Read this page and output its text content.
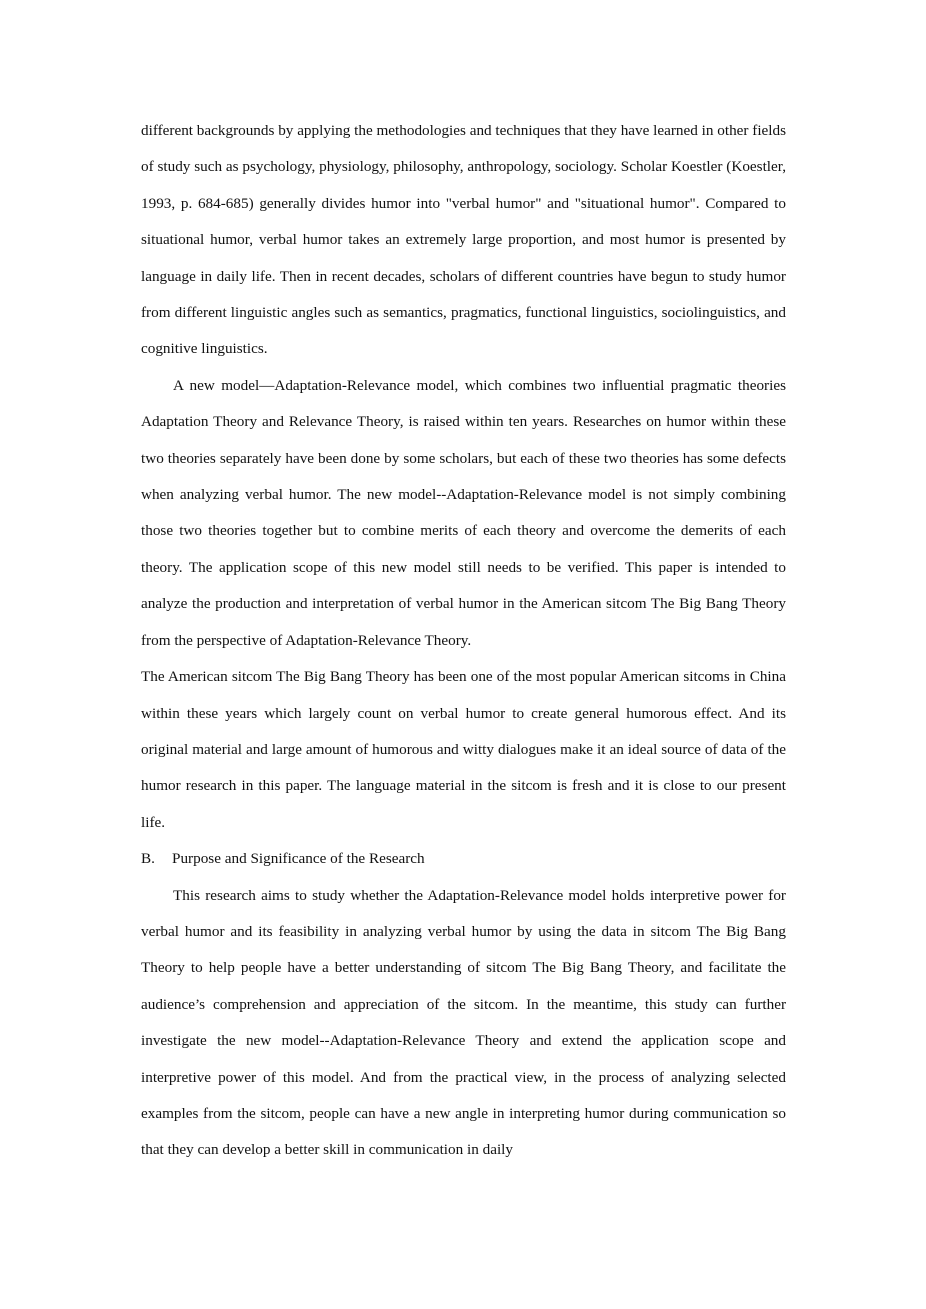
different backgrounds by applying the methodologies and techniques that they have learned in other fields of study such as psychology, physiology, philosophy, anthropology, sociology. Scholar Koestler (Koestler, 1993, p. 684-685) generally divides humor into "verbal humor" and "situational humor". Compared to situational humor, verbal humor takes an extremely large proportion, and most humor is presented by language in daily life. Then in recent decades, scholars of different countries have begun to study humor from different linguistic angles such as semantics, pragmatics, functional linguistics, sociolinguistics, and cognitive linguistics.

A new model—Adaptation-Relevance model, which combines two influential pragmatic theories Adaptation Theory and Relevance Theory, is raised within ten years. Researches on humor within these two theories separately have been done by some scholars, but each of these two theories has some defects when analyzing verbal humor. The new model--Adaptation-Relevance model is not simply combining those two theories together but to combine merits of each theory and overcome the demerits of each theory. The application scope of this new model still needs to be verified. This paper is intended to analyze the production and interpretation of verbal humor in the American sitcom The Big Bang Theory from the perspective of Adaptation-Relevance Theory.

The American sitcom The Big Bang Theory has been one of the most popular American sitcoms in China within these years which largely count on verbal humor to create general humorous effect. And its original material and large amount of humorous and witty dialogues make it an ideal source of data of the humor research in this paper. The language material in the sitcom is fresh and it is close to our present life.

B. Purpose and Significance of the Research

This research aims to study whether the Adaptation-Relevance model holds interpretive power for verbal humor and its feasibility in analyzing verbal humor by using the data in sitcom The Big Bang Theory to help people have a better understanding of sitcom The Big Bang Theory, and facilitate the audience’s comprehension and appreciation of the sitcom. In the meantime, this study can further investigate the new model--Adaptation-Relevance Theory and extend the application scope and interpretive power of this model. And from the practical view, in the process of analyzing selected examples from the sitcom, people can have a new angle in interpreting humor during communication so that they can develop a better skill in communication in daily
